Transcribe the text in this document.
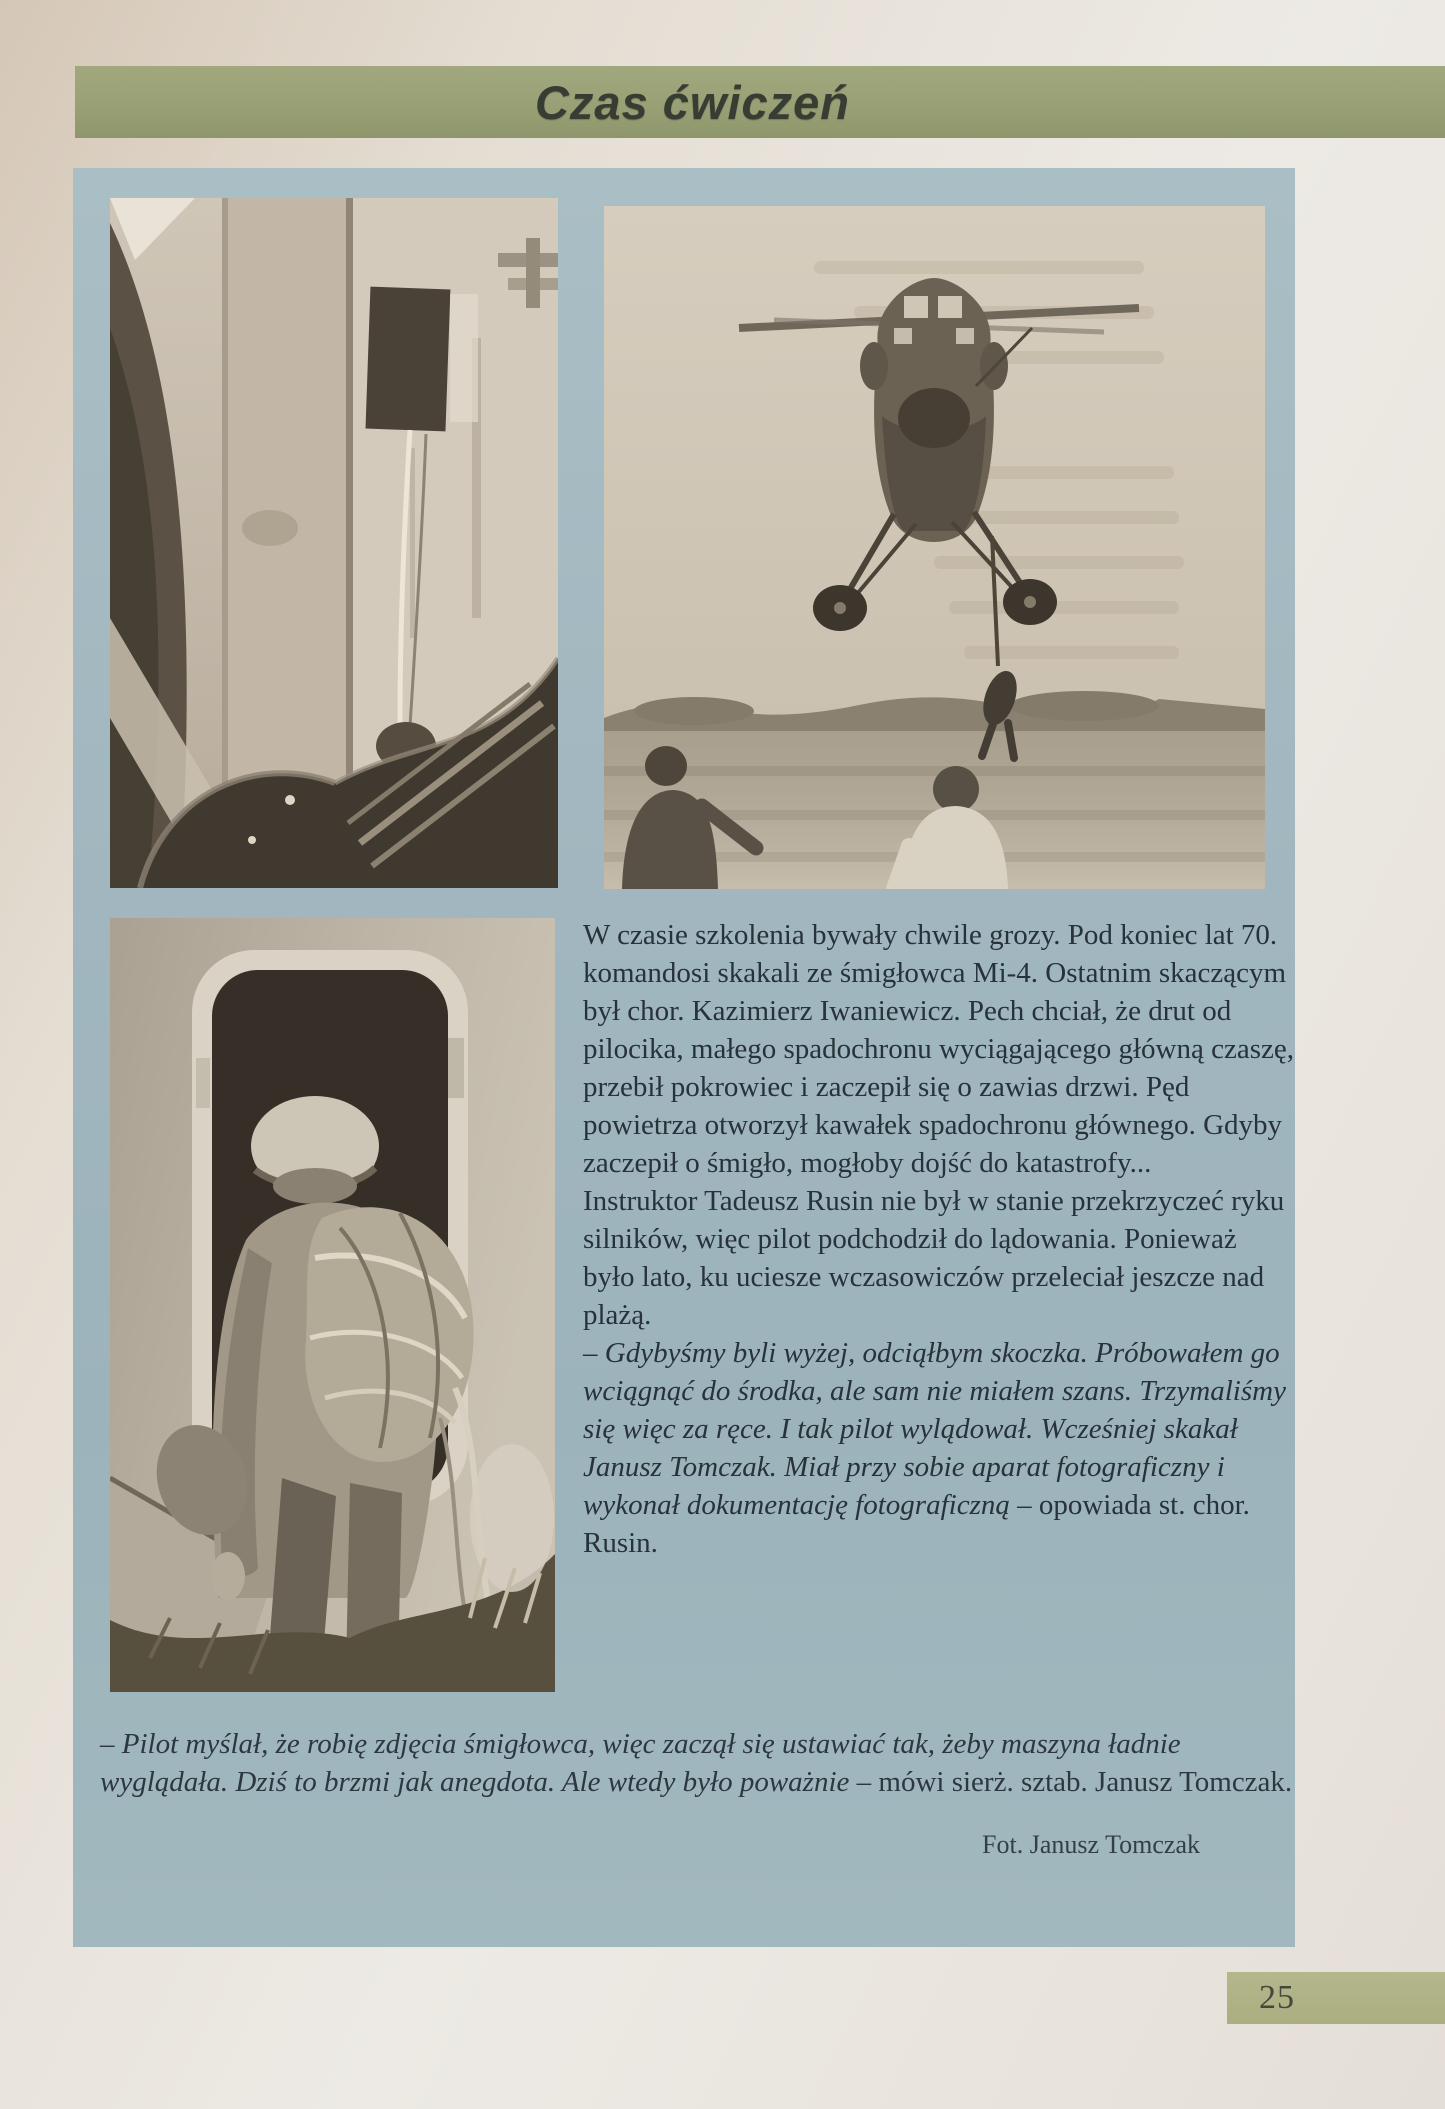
Czas ćwiczeń

W czasie szkolenia bywały chwile grozy. Pod koniec lat 70. komandosi skakali ze śmigłowca Mi-4. Ostatnim skaczącym był chor. Kazimierz Iwaniewicz. Pech chciał, że drut od pilocika, małego spadochronu wyciągającego główną czaszę, przebił pokrowiec i zaczepił się o zawias drzwi. Pęd powietrza otworzył kawałek spadochronu głównego. Gdyby zaczepił o śmigło, mogłoby dojść do katastrofy...

Instruktor Tadeusz Rusin nie był w stanie przekrzyczeć ryku silników, więc pilot podchodził do lądowania. Ponieważ było lato, ku uciesze wczasowiczów przeleciał jeszcze nad plażą.

– Gdybyśmy byli wyżej, odciąłbym skoczka. Próbowałem go wciągnąć do środka, ale sam nie miałem szans. Trzymaliśmy się więc za ręce. I tak pilot wylądował. Wcześniej skakał Janusz Tomczak. Miał przy sobie aparat fotograficzny i wykonał dokumentację fotograficzną – opowiada st. chor. Rusin.

– Pilot myślał, że robię zdjęcia śmigłowca, więc zaczął się ustawiać tak, żeby maszyna ładnie wyglądała. Dziś to brzmi jak anegdota. Ale wtedy było poważnie – mówi sierż. sztab. Janusz Tomczak.

Fot. Janusz Tomczak
25
